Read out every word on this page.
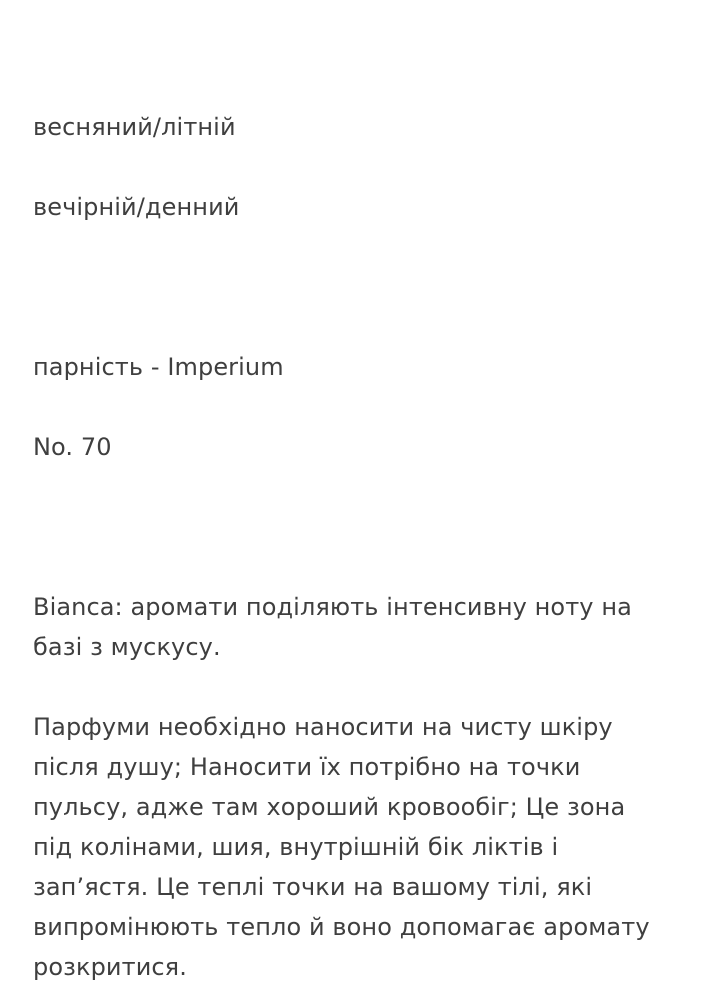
весняний/літній

вечірній/денний

парність - Imperium

No. 70

Bianca: аромати поділяють інтенсивну ноту на
базі з мускусу.

Парфуми необхідно наносити на чисту шкіру
після душу; Наносити їх потрібно на точки
пульсу, адже там хороший кровообіг; Це зона
під колінами, шия, внутрішній бік ліктів і
зап’ястя. Це теплі точки на вашому тілі, які
випромінюють тепло й воно допомагає аромату
розкритися.
